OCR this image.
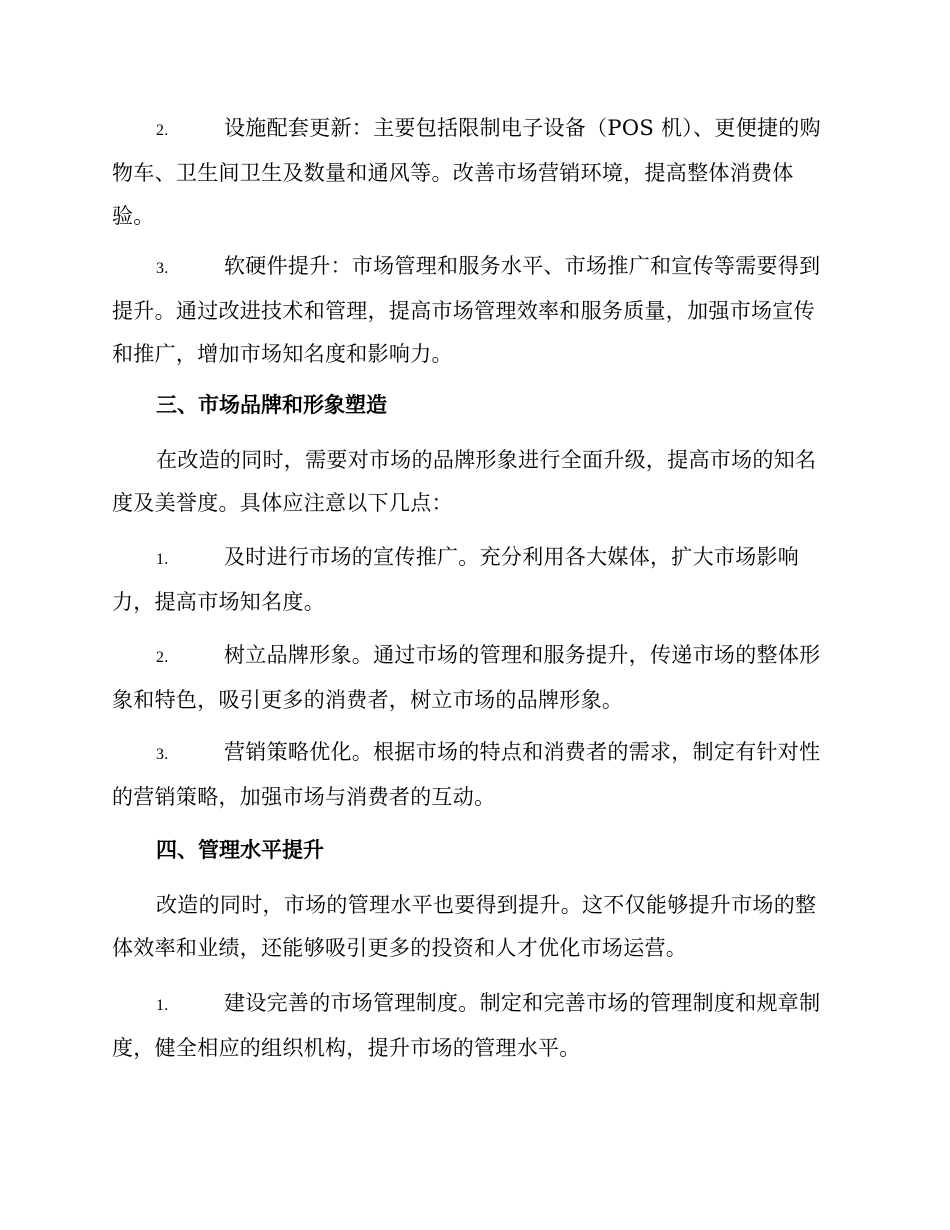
2.	设施配套更新：主要包括限制电子设备（POS 机）、更便捷的购物车、卫生间卫生及数量和通风等。改善市场营销环境，提高整体消费体验。
3.	软硬件提升：市场管理和服务水平、市场推广和宣传等需要得到提升。通过改进技术和管理，提高市场管理效率和服务质量，加强市场宣传和推广，增加市场知名度和影响力。
三、市场品牌和形象塑造
在改造的同时，需要对市场的品牌形象进行全面升级，提高市场的知名度及美誉度。具体应注意以下几点：
1.	及时进行市场的宣传推广。充分利用各大媒体，扩大市场影响力，提高市场知名度。
2.	树立品牌形象。通过市场的管理和服务提升，传递市场的整体形象和特色，吸引更多的消费者，树立市场的品牌形象。
3.	营销策略优化。根据市场的特点和消费者的需求，制定有针对性的营销策略，加强市场与消费者的互动。
四、管理水平提升
改造的同时，市场的管理水平也要得到提升。这不仅能够提升市场的整体效率和业绩，还能够吸引更多的投资和人才优化市场运营。
1.	建设完善的市场管理制度。制定和完善市场的管理制度和规章制度，健全相应的组织机构，提升市场的管理水平。
